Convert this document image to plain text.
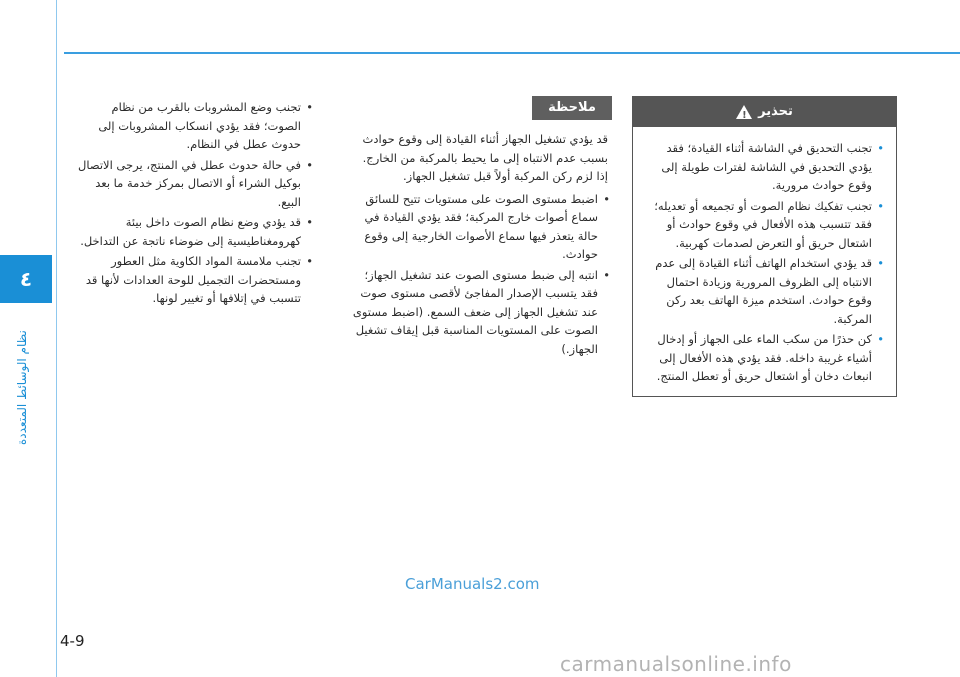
٤
نظام الوسائط المتعددة
• تجنب وضع المشروبات بالقرب من نظام الصوت؛ فقد يؤدي انسكاب المشروبات إلى حدوث عطل في النظام.
• في حالة حدوث عطل في المنتج، يرجى الاتصال بوكيل الشراء أو الاتصال بمركز خدمة ما بعد البيع.
• قد يؤدي وضع نظام الصوت داخل بيئة كهرومغناطيسية إلى ضوضاء ناتجة عن التداخل.
• تجنب ملامسة المواد الكاوية مثل العطور ومستحضرات التجميل للوحة العدادات لأنها قد تتسبب في إتلافها أو تغيير لونها.
ملاحظة

قد يؤدي تشغيل الجهاز أثناء القيادة إلى وقوع حوادث بسبب عدم الانتباه إلى ما يحيط بالمركبة من الخارج. إذا لزم ركن المركبة أولاً قبل تشغيل الجهاز.

• اضبط مستوى الصوت على مستويات تتيح للسائق سماع أصوات خارج المركبة؛ فقد يؤدي القيادة في حالة يتعذر فيها سماع الأصوات الخارجية إلى وقوع حوادث.
• انتبه إلى ضبط مستوى الصوت عند تشغيل الجهاز؛ فقد يتسبب الإصدار المفاجئ لأقصى مستوى صوت عند تشغيل الجهاز إلى ضعف السمع. (اضبط مستوى الصوت على المستويات المناسبة قبل إيقاف تشغيل الجهاز.)
تحذير
!
• تجنب التحديق في الشاشة أثناء القيادة؛ فقد يؤدي التحديق في الشاشة لفترات طويلة إلى وقوع حوادث مرورية.
• تجنب تفكيك نظام الصوت أو تجميعه أو تعديله؛ فقد تتسبب هذه الأفعال في وقوع حوادث أو اشتعال حريق أو التعرض لصدمات كهربية.
• قد يؤدي استخدام الهاتف أثناء القيادة إلى عدم الانتباه إلى الظروف المرورية وزيادة احتمال وقوع حوادث. استخدم ميزة الهاتف بعد ركن المركبة.
• كن حذرًا من سكب الماء على الجهاز أو إدخال أشياء غريبة داخله. فقد يؤدي هذه الأفعال إلى انبعاث دخان أو اشتعال حريق أو تعطل المنتج.
CarManuals2.com
4-9
carmanualsonline.info
